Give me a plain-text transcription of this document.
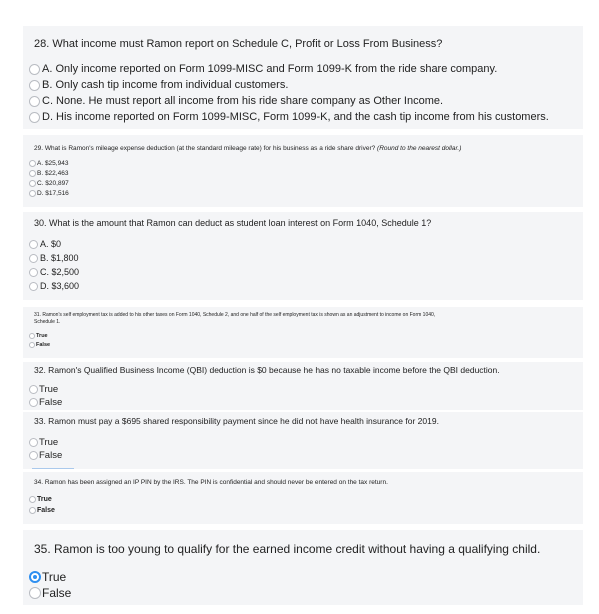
28. What income must Ramon report on Schedule C, Profit or Loss From Business?
A. Only income reported on Form 1099-MISC and Form 1099-K from the ride share company.
B. Only cash tip income from individual customers.
C. None. He must report all income from his ride share company as Other Income.
D. His income reported on Form 1099-MISC, Form 1099-K, and the cash tip income from his customers.
29. What is Ramon's mileage expense deduction (at the standard mileage rate) for his business as a ride share driver? (Round to the nearest dollar.)
A. $25,943
B. $22,463
C. $20,897
D. $17,516
30. What is the amount that Ramon can deduct as student loan interest on Form 1040, Schedule 1?
A. $0
B. $1,800
C. $2,500
D. $3,600
31. Ramon's self employment tax is added to his other taxes on Form 1040, Schedule 2, and one half of the self employment tax is shown as an adjustment to income on Form 1040,
Schedule 1.
True
False
32. Ramon's Qualified Business Income (QBI) deduction is $0 because he has no taxable income before the QBI deduction.
True
False
33. Ramon must pay a $695 shared responsibility payment since he did not have health insurance for 2019.
True
False
34. Ramon has been assigned an IP PIN by the IRS. The PIN is confidential and should never be entered on the tax return.
True
False
35. Ramon is too young to qualify for the earned income credit without having a qualifying child.
True
False
